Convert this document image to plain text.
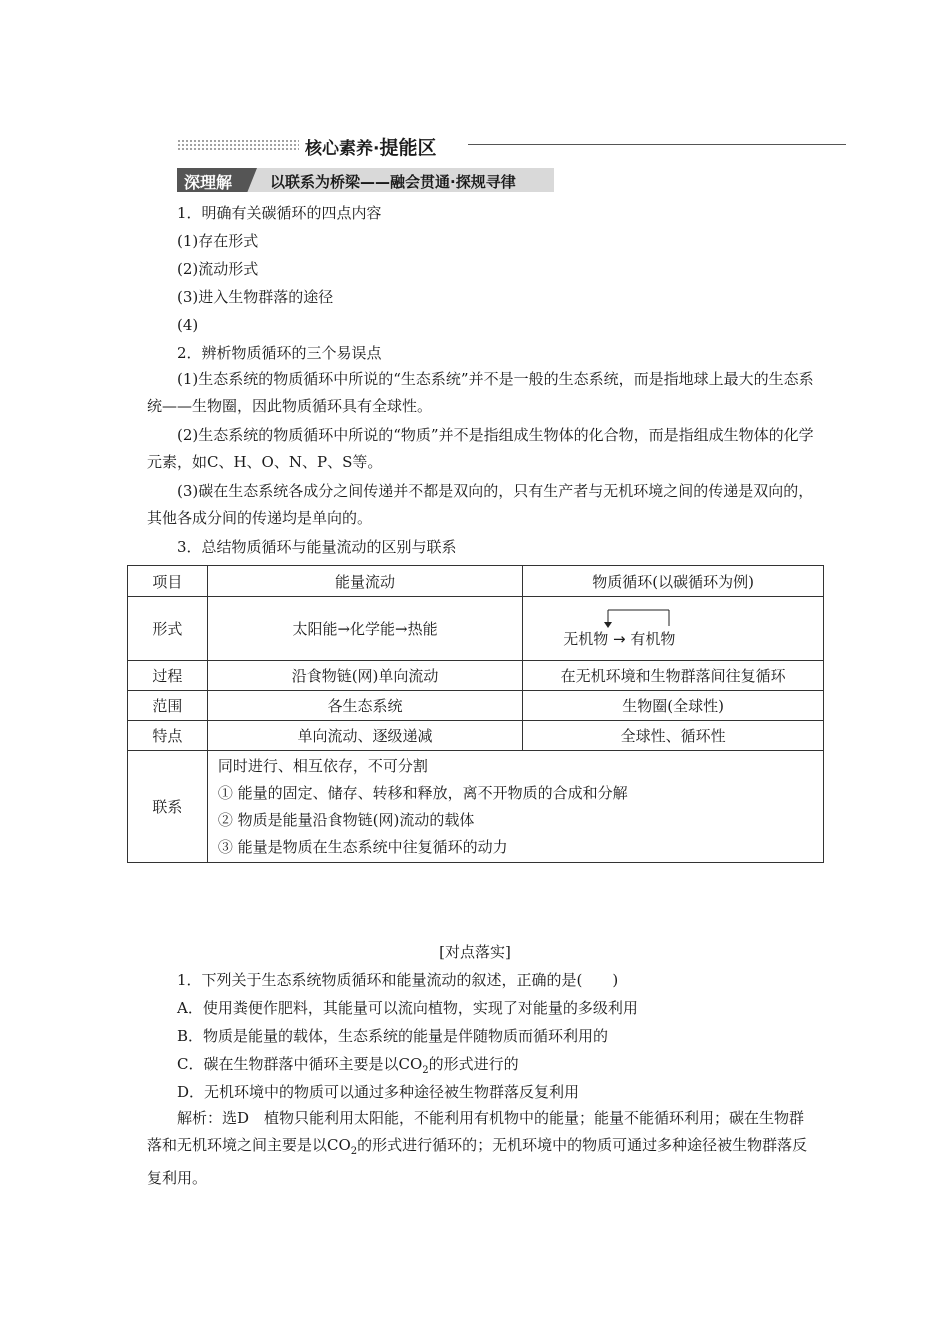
核心素养·提能区
深理解	以联系为桥梁——融会贯通·探规寻律
1．明确有关碳循环的四点内容
(1)存在形式
(2)流动形式
(3)进入生物群落的途径
(4)
2．辨析物质循环的三个易误点
(1)生态系统的物质循环中所说的“生态系统”并不是一般的生态系统，而是指地球上最大的生态系统——生物圈，因此物质循环具有全球性。
(2)生态系统的物质循环中所说的“物质”并不是指组成生物体的化合物，而是指组成生物体的化学元素，如C、H、O、N、P、S等。
(3)碳在生态系统各成分之间传递并不都是双向的，只有生产者与无机环境之间的传递是双向的，其他各成分间的传递均是单向的。
3．总结物质循环与能量流动的区别与联系
项目	能量流动	物质循环(以碳循环为例)
形式	太阳能→化学能→热能	无机物 → 有机物

过程	沿食物链(网)单向流动	在无机环境和生物群落间往复循环
范围	各生态系统	生物圈(全球性)
特点	单向流动、逐级递减	全球性、循环性
联系	同时进行、相互依存，不可分割
① 能量的固定、储存、转移和释放，离不开物质的合成和分解
② 物质是能量沿食物链(网)流动的载体
③ 能量是物质在生态系统中往复循环的动力	
[对点落实]
1．下列关于生态系统物质循环和能量流动的叙述，正确的是(　　)
A．使用粪便作肥料，其能量可以流向植物，实现了对能量的多级利用
B．物质是能量的载体，生态系统的能量是伴随物质而循环利用的
C．碳在生物群落中循环主要是以$CO_2$的形式进行的
D．无机环境中的物质可以通过多种途径被生物群落反复利用
解析：选D　植物只能利用太阳能，不能利用有机物中的能量；能量不能循环利用；碳在生物群落和无机环境之间主要是以$CO_2$的形式进行循环的；无机环境中的物质可通过多种途径被生物群落反复利用。
